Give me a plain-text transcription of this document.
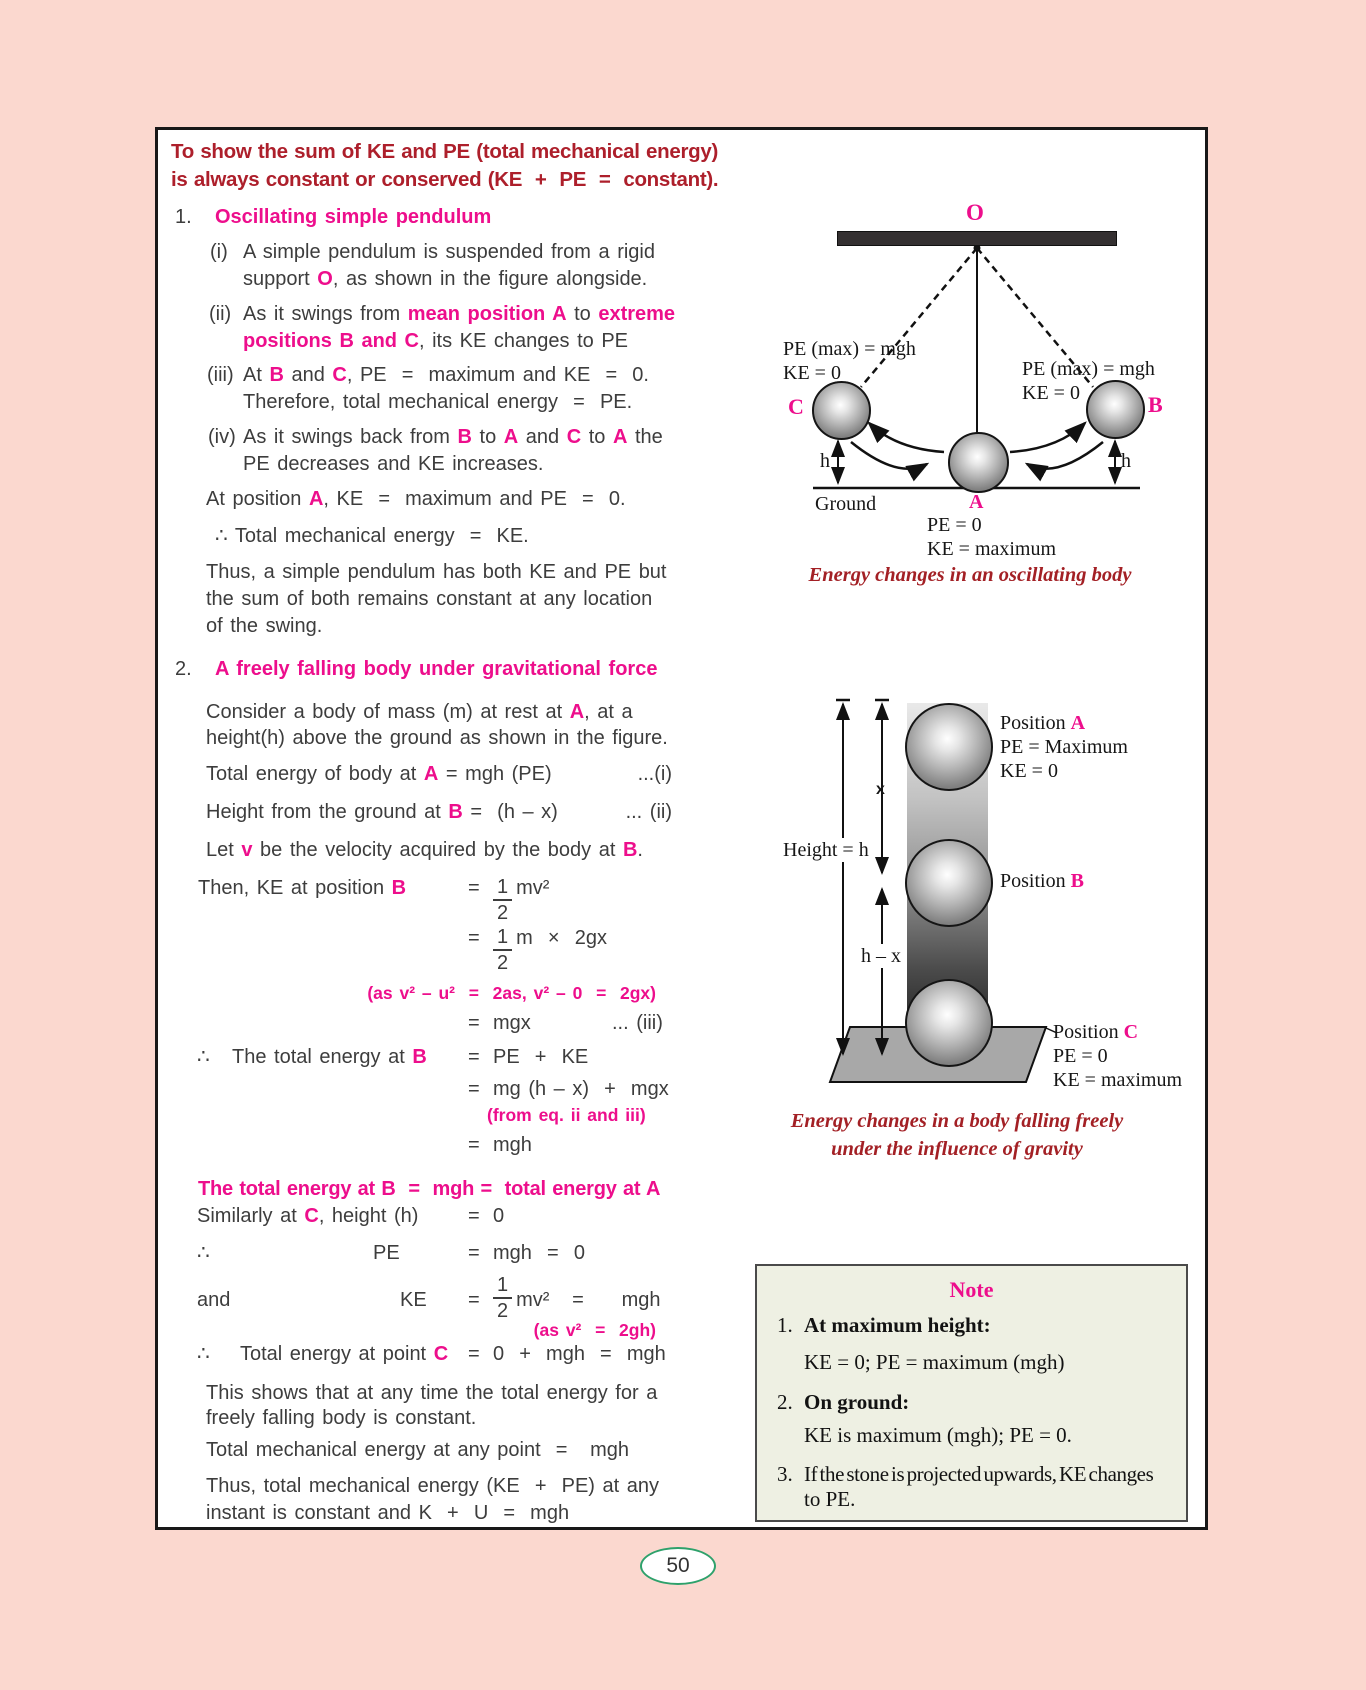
To show the sum of KE and PE (total mechanical energy)
is always constant or conserved (KE  +  PE  =  constant).
1. Oscillating simple pendulum
(i) A simple pendulum is suspended from a rigid
support O, as shown in the figure alongside.
(ii) As it swings from mean position A to extreme
positions B and C, its KE changes to PE
(iii) At B and C, PE  =  maximum and KE  =  0.
Therefore, total mechanical energy  =  PE.
(iv) As it swings back from B to A and C to A the
PE decreases and KE increases.
At position A, KE  =  maximum and PE  =  0.
∴ Total mechanical energy  =  KE.
Thus, a simple pendulum has both KE and PE but
the sum of both remains constant at any location
of the swing.
2. A freely falling body under gravitational force
Consider a body of mass (m) at rest at A, at a
height(h) above the ground as shown in the figure.
Total energy of body at A = mgh (PE)	...(i)
Height from the ground at B =  (h – x)	... (ii)
Let v be the velocity acquired by the body at B.
Then, KE at position B	= $\frac{1}{2} mv^2$
= $\frac{1}{2}$ m  ×  2gx
(as v² – u²  =  2as, v² – 0  =  2gx)
= mgx	... (iii)
∴ The total energy at B = PE  +  KE
= mg (h – x)  +  mgx
(from eq. ii and iii)
= mgh
The total energy at B  =  mgh =  total energy at A
Similarly at C, height (h) = 0
∴	PE	= mgh  =  0
and	KE = $\frac{1}{2} mv^2$   =     mgh
(as v²  =  2gh)
∴ Total energy at point C = 0  +  mgh  =  mgh
This shows that at any time the total energy for a
freely falling body is constant.
Total mechanical energy at any point  =   mgh
Thus, total mechanical energy (KE  +  PE) at any
instant is constant and K  +  U  =  mgh
O
PE (max) = mgh
KE = 0	PE (max) = mgh
KE = 0
C	B
h	h
Ground	A
PE = 0
KE = maximum
Energy changes in an oscillating body
Position A
PE = Maximum
KE = 0
Height = h
x
h – x
Position B
Position C
PE = 0
KE = maximum
Energy changes in a body falling freely
under the influence of gravity
Note
1. At maximum height:
KE = 0; PE = maximum (mgh)
2. On ground:
KE is maximum (mgh); PE = 0.
3. If the stone is projected upwards, KE changes
to PE.
50
